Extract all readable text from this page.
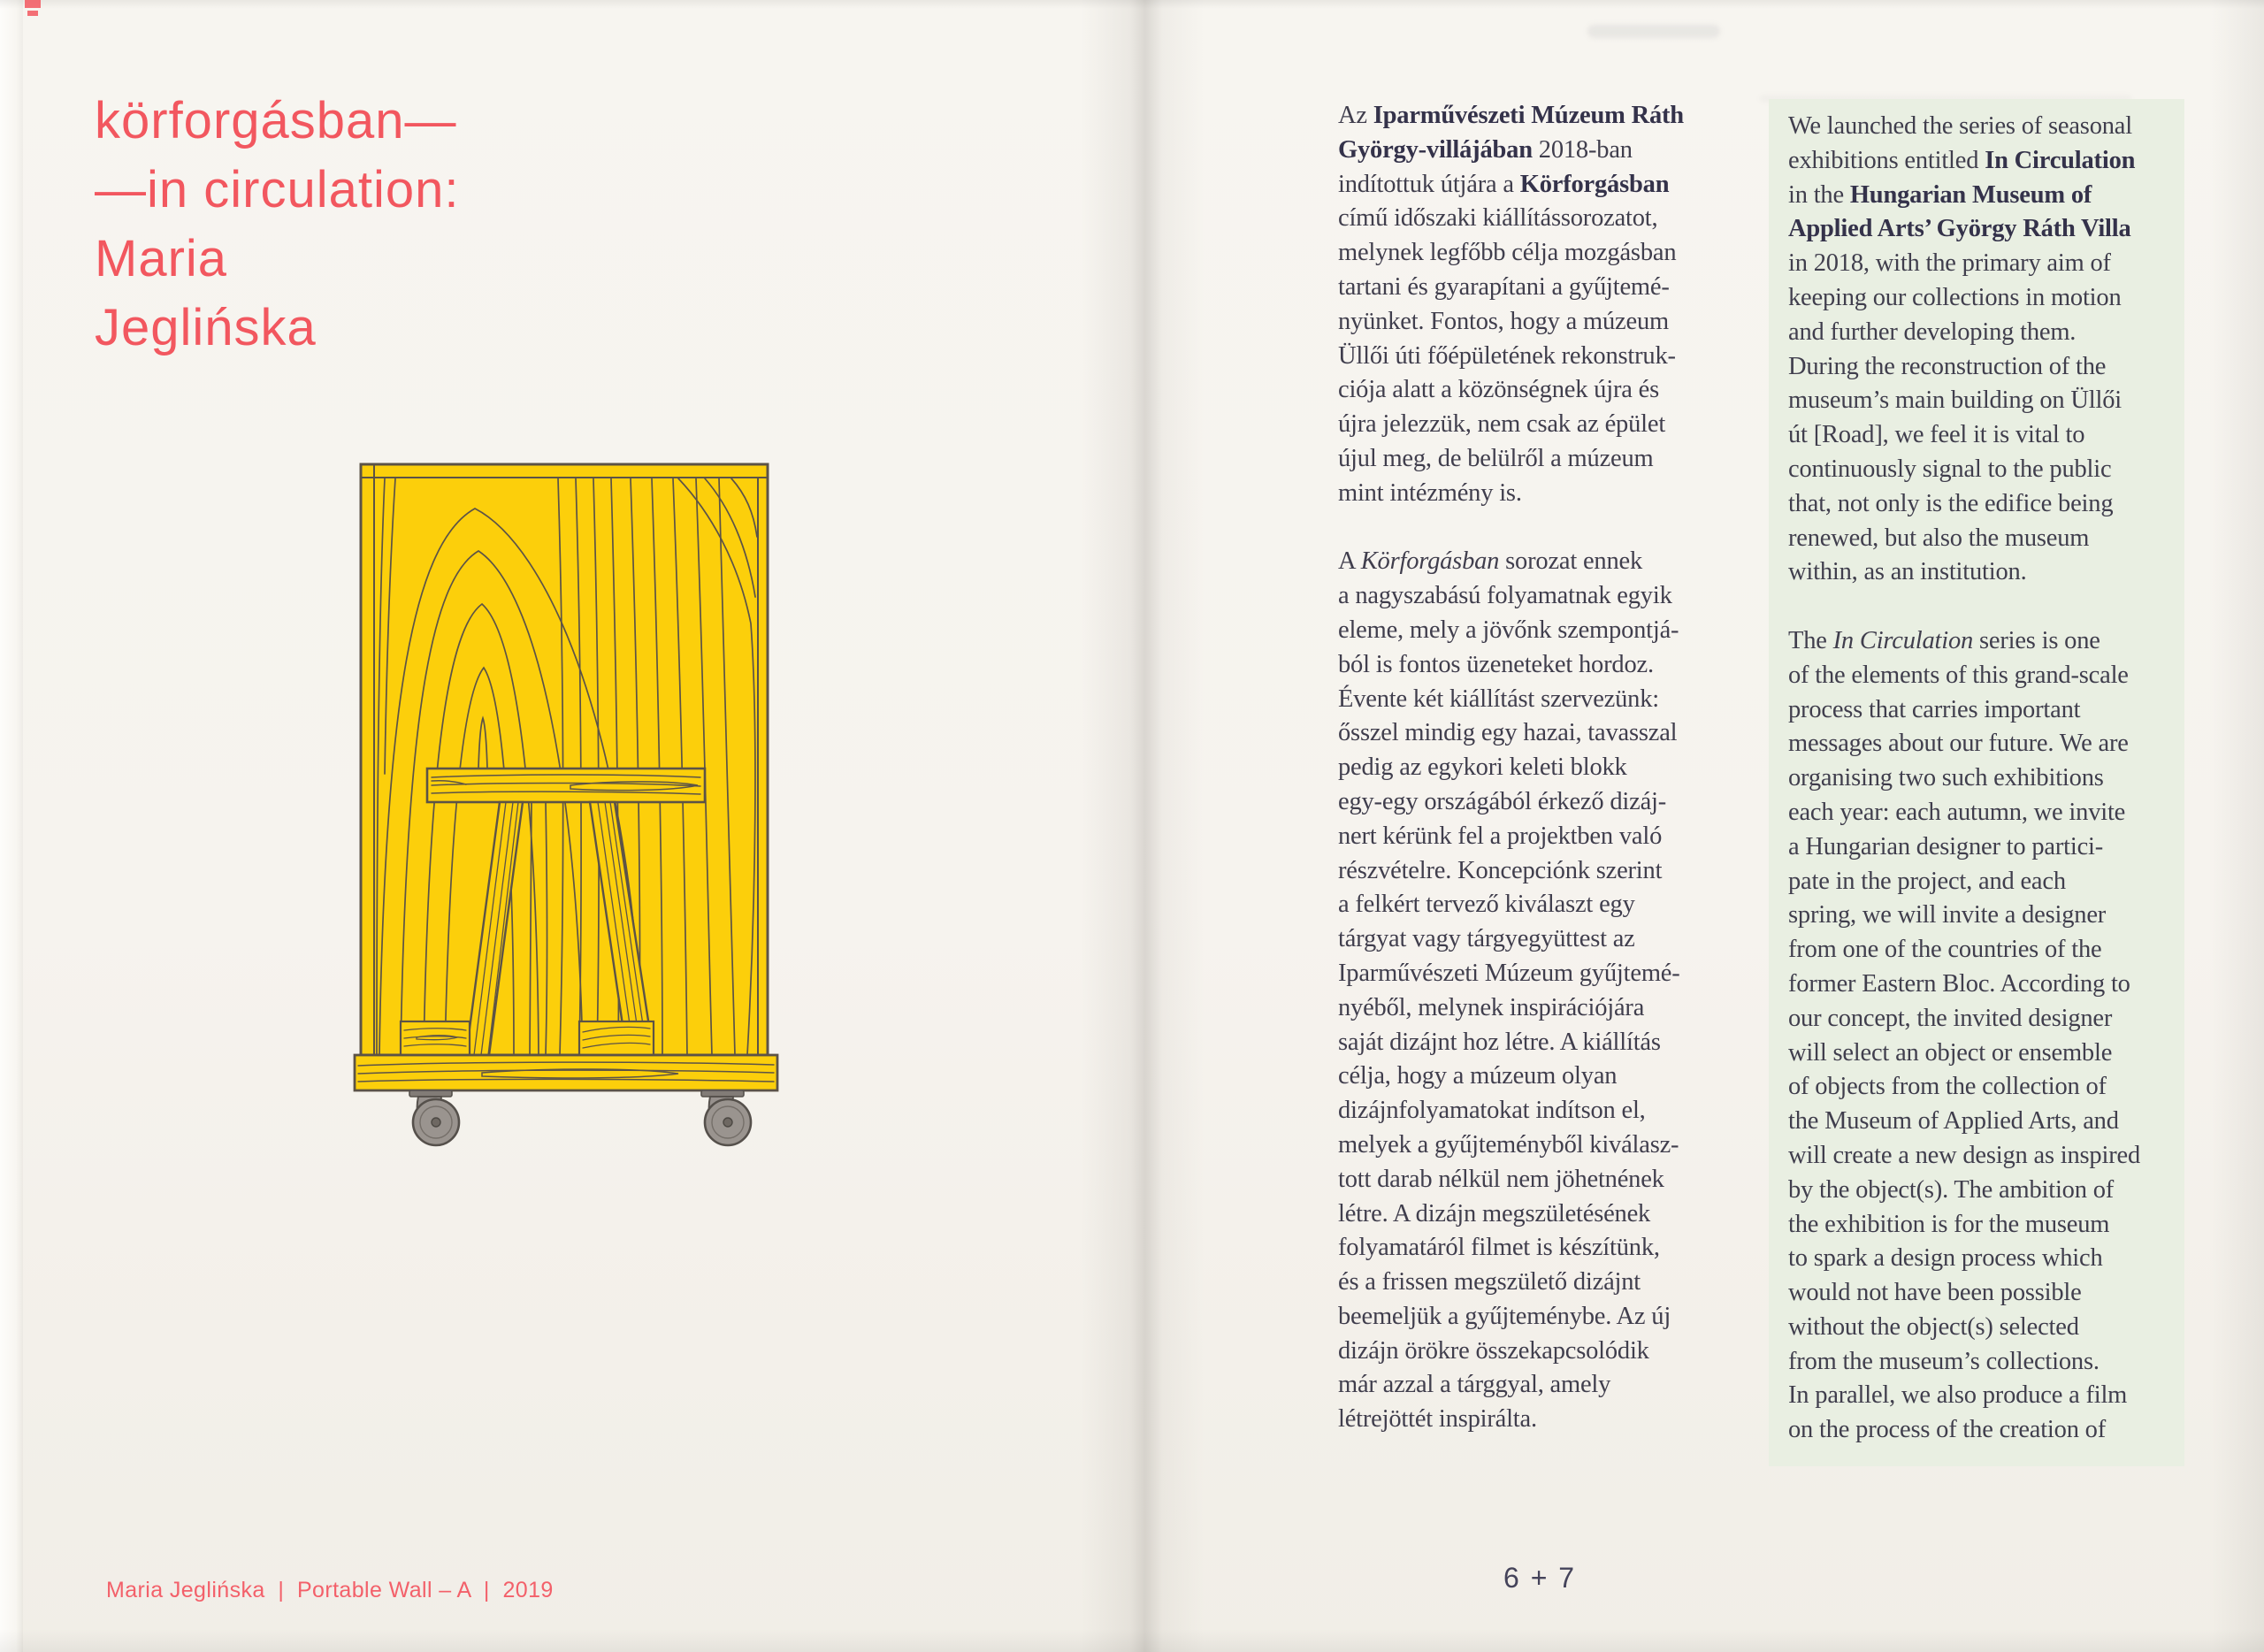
körforgásban—
—in circulation:
Maria
Jeglińska
Maria Jeglińska  |  Portable Wall – A  |  2019

Az Iparművészeti Múzeum Ráth
György-villájában 2018-ban
indítottuk útjára a Körforgásban
című időszaki kiállítássorozatot,
melynek legfőbb célja mozgásban
tartani és gyarapítani a gyűjtemé-
nyünket. Fontos, hogy a múzeum
Üllői úti főépületének rekonstruk-
ciója alatt a közönségnek újra és
újra jelezzük, nem csak az épület
újul meg, de belülről a múzeum
mint intézmény is.

A Körforgásban sorozat ennek
a nagyszabású folyamatnak egyik
eleme, mely a jövőnk szempontjá-
ból is fontos üzeneteket hordoz.
Évente két kiállítást szervezünk:
ősszel mindig egy hazai, tavasszal
pedig az egykori keleti blokk
egy-egy országából érkező dizáj-
nert kérünk fel a projektben való
részvételre. Koncepciónk szerint
a felkért tervező kiválaszt egy
tárgyat vagy tárgyegyüttest az
Iparművészeti Múzeum gyűjtemé-
nyéből, melynek inspirációjára
saját dizájnt hoz létre. A kiállítás
célja, hogy a múzeum olyan
dizájnfolyamatokat indítson el,
melyek a gyűjteményből kiválasz-
tott darab nélkül nem jöhetnének
létre. A dizájn megszületésének
folyamatáról filmet is készítünk,
és a frissen megszülető dizájnt
beemeljük a gyűjteménybe. Az új
dizájn örökre összekapcsolódik
már azzal a tárggyal, amely
létrejöttét inspirálta.

We launched the series of seasonal
exhibitions entitled In Circulation
in the Hungarian Museum of
Applied Arts’ György Ráth Villa
in 2018, with the primary aim of
keeping our collections in motion
and further developing them.
During the reconstruction of the
museum’s main building on Üllői
út [Road], we feel it is vital to
continuously signal to the public
that, not only is the edifice being
renewed, but also the museum
within, as an institution.

The In Circulation series is one
of the elements of this grand-scale
process that carries important
messages about our future. We are
organising two such exhibitions
each year: each autumn, we invite
a Hungarian designer to partici-
pate in the project, and each
spring, we will invite a designer
from one of the countries of the
former Eastern Bloc. According to
our concept, the invited designer
will select an object or ensemble
of objects from the collection of
the Museum of Applied Arts, and
will create a new design as inspired
by the object(s). The ambition of
the exhibition is for the museum
to spark a design process which
would not have been possible
without the object(s) selected
from the museum’s collections.
In parallel, we also produce a film
on the process of the creation of

6 + 7
